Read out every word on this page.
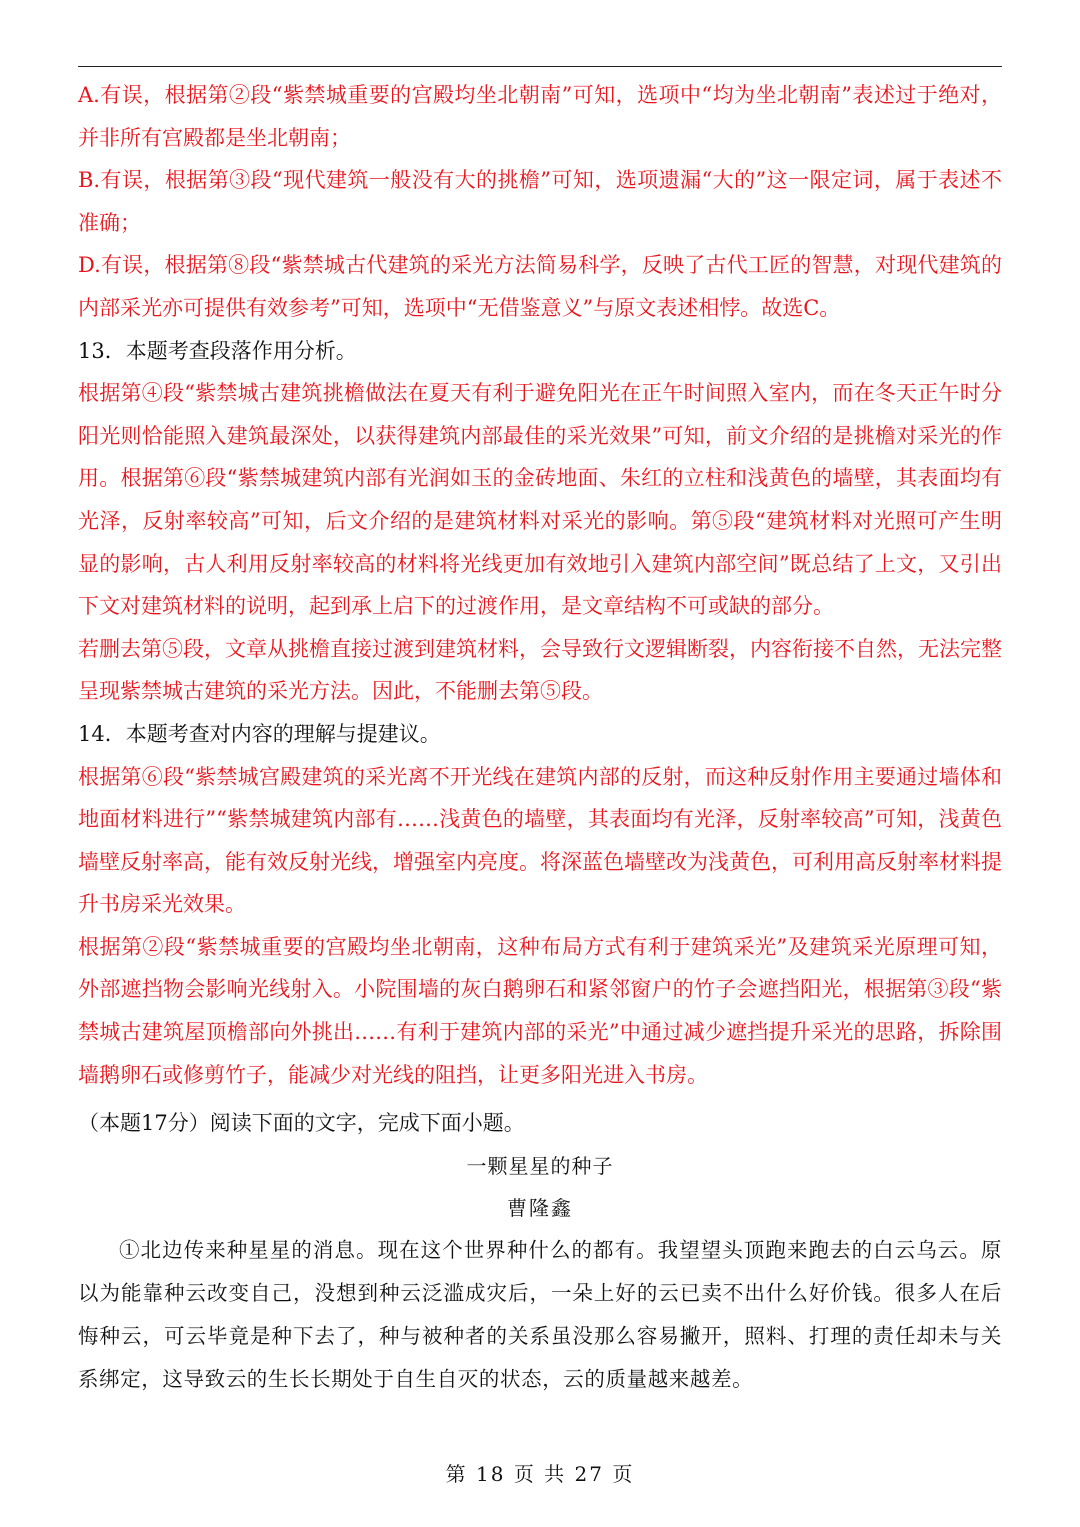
A.有误，根据第②段“紫禁城重要的宫殿均坐北朝南”可知，选项中“均为坐北朝南”表述过于绝对，并非所有宫殿都是坐北朝南；

B.有误，根据第③段“现代建筑一般没有大的挑檐”可知，选项遗漏“大的”这一限定词，属于表述不准确；

D.有误，根据第⑧段“紫禁城古代建筑的采光方法简易科学，反映了古代工匠的智慧，对现代建筑的内部采光亦可提供有效参考”可知，选项中“无借鉴意义”与原文表述相悖。故选C。

13．本题考查段落作用分析。

根据第④段“紫禁城古建筑挑檐做法在夏天有利于避免阳光在正午时间照入室内，而在冬天正午时分阳光则恰能照入建筑最深处，以获得建筑内部最佳的采光效果”可知，前文介绍的是挑檐对采光的作用。根据第⑥段“紫禁城建筑内部有光润如玉的金砖地面、朱红的立柱和浅黄色的墙壁，其表面均有光泽，反射率较高”可知，后文介绍的是建筑材料对采光的影响。第⑤段“建筑材料对光照可产生明显的影响，古人利用反射率较高的材料将光线更加有效地引入建筑内部空间”既总结了上文，又引出下文对建筑材料的说明，起到承上启下的过渡作用，是文章结构不可或缺的部分。

若删去第⑤段，文章从挑檐直接过渡到建筑材料，会导致行文逻辑断裂，内容衔接不自然，无法完整呈现紫禁城古建筑的采光方法。因此，不能删去第⑤段。

14．本题考查对内容的理解与提建议。

根据第⑥段“紫禁城宫殿建筑的采光离不开光线在建筑内部的反射，而这种反射作用主要通过墙体和地面材料进行”“紫禁城建筑内部有……浅黄色的墙壁，其表面均有光泽，反射率较高”可知，浅黄色墙壁反射率高，能有效反射光线，增强室内亮度。将深蓝色墙壁改为浅黄色，可利用高反射率材料提升书房采光效果。

根据第②段“紫禁城重要的宫殿均坐北朝南，这种布局方式有利于建筑采光”及建筑采光原理可知，外部遮挡物会影响光线射入。小院围墙的灰白鹅卵石和紧邻窗户的竹子会遮挡阳光，根据第③段“紫禁城古建筑屋顶檐部向外挑出……有利于建筑内部的采光”中通过减少遮挡提升采光的思路，拆除围墙鹅卵石或修剪竹子，能减少对光线的阻挡，让更多阳光进入书房。

（本题17分）阅读下面的文字，完成下面小题。

一颗星星的种子

曹隆鑫

①北边传来种星星的消息。现在这个世界种什么的都有。我望望头顶跑来跑去的白云乌云。原以为能靠种云改变自己，没想到种云泛滥成灾后，一朵上好的云已卖不出什么好价钱。很多人在后悔种云，可云毕竟是种下去了，种与被种者的关系虽没那么容易撇开，照料、打理的责任却未与关系绑定，这导致云的生长长期处于自生自灭的状态，云的质量越来越差。

第 18 页 共 27 页
